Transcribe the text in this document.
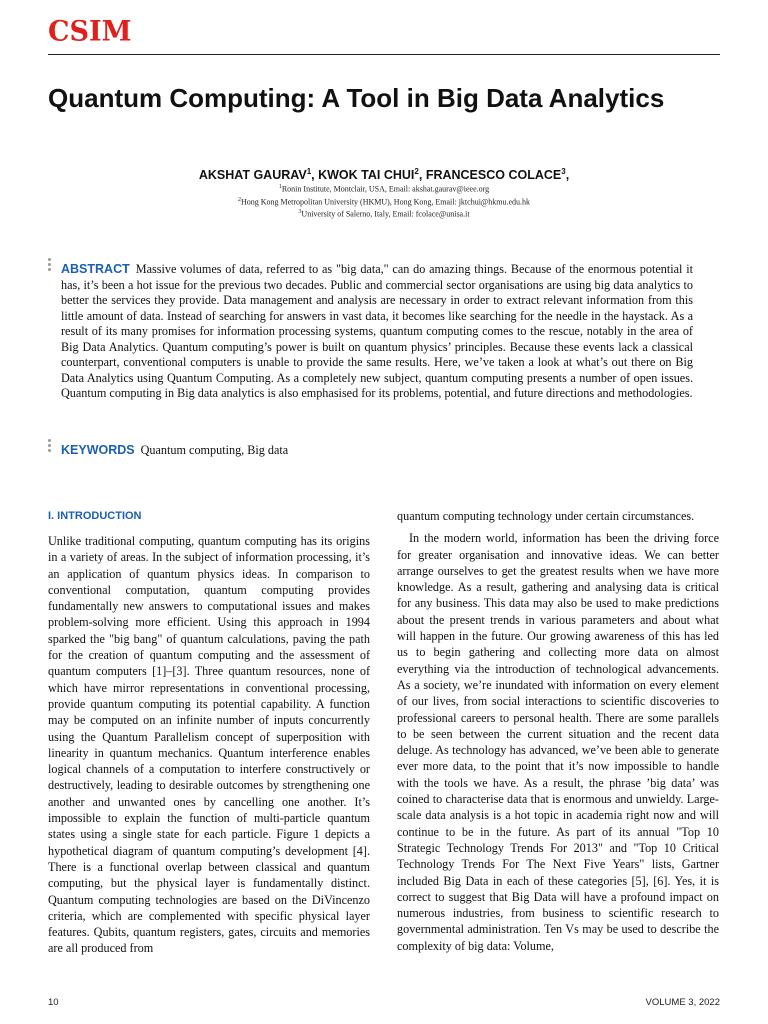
CSIM
Quantum Computing: A Tool in Big Data Analytics
AKSHAT GAURAV$^1$, KWOK TAI CHUI$^2$, FRANCESCO COLACE$^3$,
$^1$Ronin Institute, Montclair, USA, Email: akshat.gaurav@ieee.org
$^2$Hong Kong Metropolitan University (HKMU), Hong Kong, Email: jktchui@hkmu.edu.hk
$^3$University of Salerno, Italy, Email: fcolace@unisa.it

ABSTRACT Massive volumes of data, referred to as "big data," can do amazing things. Because of the enormous potential it has, it’s been a hot issue for the previous two decades. Public and commercial sector organisations are using big data analytics to better the services they provide. Data management and analysis are necessary in order to extract relevant information from this little amount of data. Instead of searching for answers in vast data, it becomes like searching for the needle in the haystack. As a result of its many promises for information processing systems, quantum computing comes to the rescue, notably in the area of Big Data Analytics. Quantum computing’s power is built on quantum physics’ principles. Because these events lack a classical counterpart, conventional computers is unable to provide the same results. Here, we’ve taken a look at what’s out there on Big Data Analytics using Quantum Computing. As a completely new subject, quantum computing presents a number of open issues. Quantum computing in Big data analytics is also emphasised for its problems, potential, and future directions and methodologies.

KEYWORDS Quantum computing, Big data

I. INTRODUCTION

Unlike traditional computing, quantum computing has its origins in a variety of areas. In the subject of information processing, it’s an application of quantum physics ideas. In comparison to conventional computation, quantum computing provides fundamentally new answers to computational issues and makes problem-solving more efficient. Using this approach in 1994 sparked the "big bang" of quantum calculations, paving the path for the creation of quantum computing and the assessment of quantum computers [1]–[3]. Three quantum resources, none of which have mirror representations in conventional processing, provide quantum computing its potential capability. A function may be computed on an infinite number of inputs concurrently using the Quantum Parallelism concept of superposition with linearity in quantum mechanics. Quantum interference enables logical channels of a computation to interfere constructively or destructively, leading to desirable outcomes by strengthening one another and unwanted ones by cancelling one another. It’s impossible to explain the function of multi-particle quantum states using a single state for each particle. Figure 1 depicts a hypothetical diagram of quantum computing’s development [4]. There is a functional overlap between classical and quantum computing, but the physical layer is fundamentally distinct. Quantum computing technologies are based on the DiVincenzo criteria, which are complemented with specific physical layer features. Qubits, quantum registers, gates, circuits and memories are all produced from

quantum computing technology under certain circumstances.

In the modern world, information has been the driving force for greater organisation and innovative ideas. We can better arrange ourselves to get the greatest results when we have more knowledge. As a result, gathering and analysing data is critical for any business. This data may also be used to make predictions about the present trends in various parameters and about what will happen in the future. Our growing awareness of this has led us to begin gathering and collecting more data on almost everything via the introduction of technological advancements. As a society, we’re inundated with information on every element of our lives, from social interactions to scientific discoveries to professional careers to personal health. There are some parallels to be seen between the current situation and the recent data deluge. As technology has advanced, we’ve been able to generate ever more data, to the point that it’s now impossible to handle with the tools we have. As a result, the phrase ’big data’ was coined to characterise data that is enormous and unwieldy. Large-scale data analysis is a hot topic in academia right now and will continue to be in the future. As part of its annual "Top 10 Strategic Technology Trends For 2013" and "Top 10 Critical Technology Trends For The Next Five Years" lists, Gartner included Big Data in each of these categories [5], [6]. Yes, it is correct to suggest that Big Data will have a profound impact on numerous industries, from business to scientific research to governmental administration. Ten Vs may be used to describe the complexity of big data: Volume,

10	VOLUME 3, 2022
